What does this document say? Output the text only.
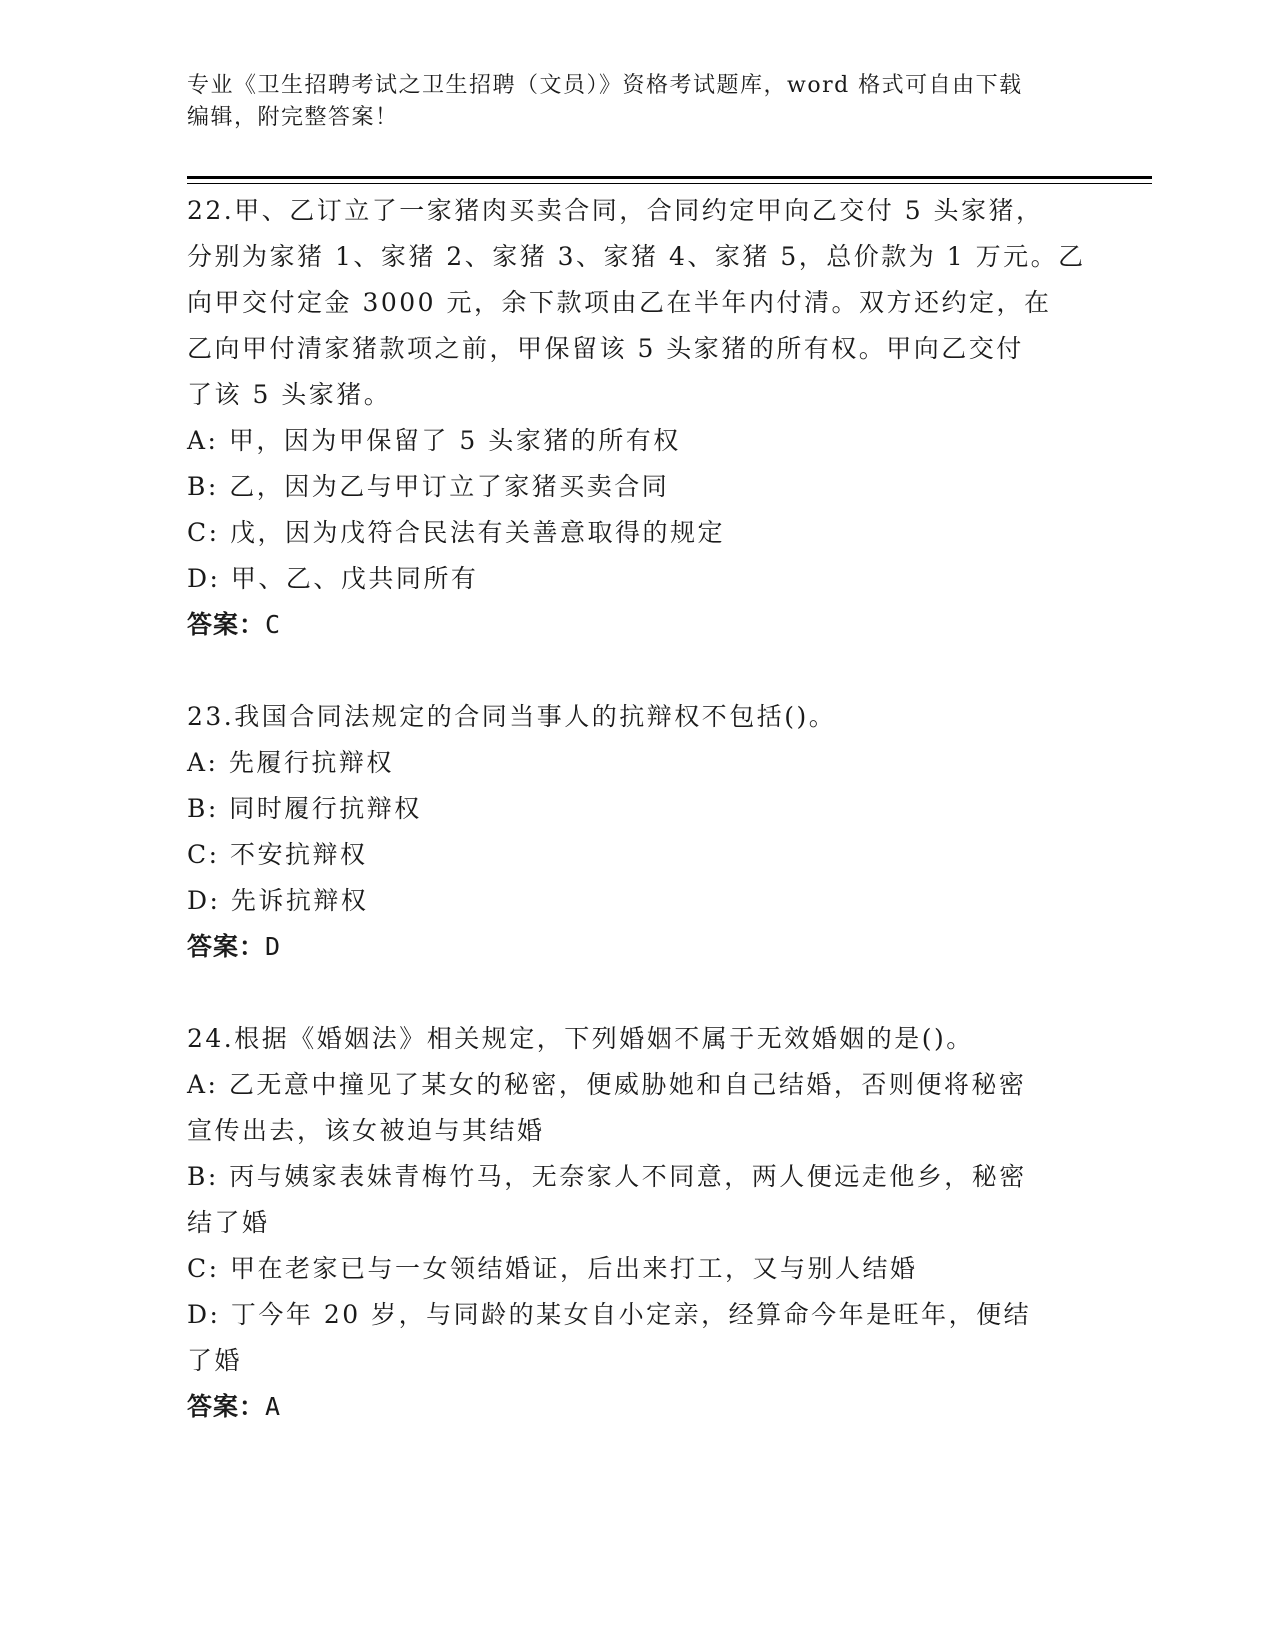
专业《卫生招聘考试之卫生招聘（文员）》资格考试题库，word 格式可自由下载

编辑，附完整答案！

22.甲、乙订立了一家猪肉买卖合同，合同约定甲向乙交付 5 头家猪，
分别为家猪 1、家猪 2、家猪 3、家猪 4、家猪 5，总价款为 1 万元。乙
向甲交付定金 3000 元，余下款项由乙在半年内付清。双方还约定，在
乙向甲付清家猪款项之前，甲保留该 5 头家猪的所有权。甲向乙交付
了该 5 头家猪。
A: 甲，因为甲保留了 5 头家猪的所有权
B: 乙，因为乙与甲订立了家猪买卖合同
C: 戊，因为戊符合民法有关善意取得的规定
D: 甲、乙、戊共同所有
答案：C
23.我国合同法规定的合同当事人的抗辩权不包括()。
A: 先履行抗辩权
B: 同时履行抗辩权
C: 不安抗辩权
D: 先诉抗辩权
答案：D
24.根据《婚姻法》相关规定，下列婚姻不属于无效婚姻的是()。
A: 乙无意中撞见了某女的秘密，便威胁她和自己结婚，否则便将秘密
宣传出去，该女被迫与其结婚
B: 丙与姨家表妹青梅竹马，无奈家人不同意，两人便远走他乡，秘密
结了婚
C: 甲在老家已与一女领结婚证，后出来打工，又与别人结婚
D: 丁今年 20 岁，与同龄的某女自小定亲，经算命今年是旺年，便结
了婚
答案：A
